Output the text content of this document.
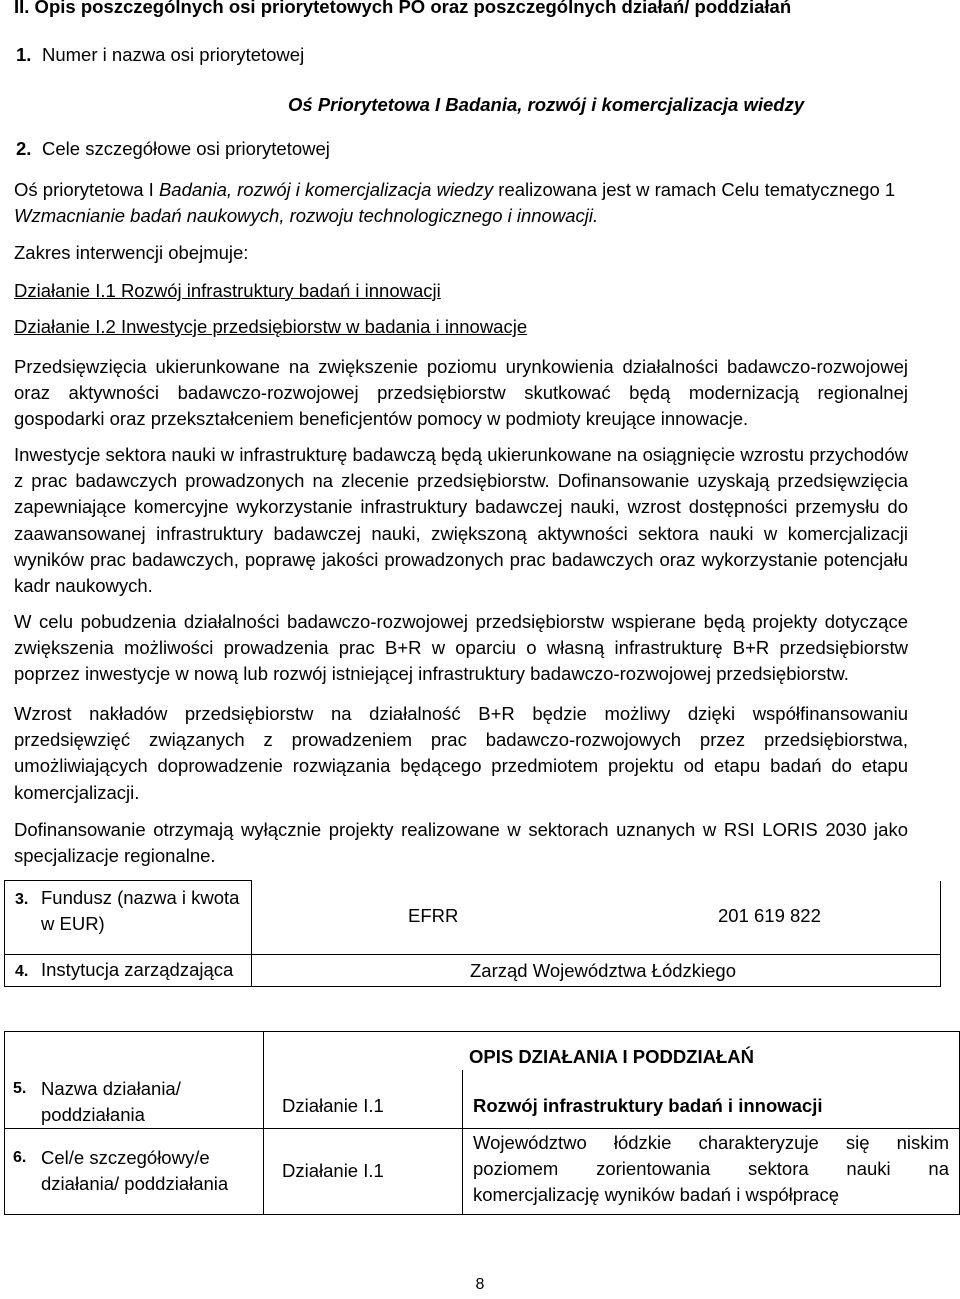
II. Opis poszczególnych osi priorytetowych PO oraz poszczególnych działań/ poddziałań
1. Numer i nazwa osi priorytetowej
Oś Priorytetowa I Badania, rozwój i komercjalizacja wiedzy
2. Cele szczegółowe osi priorytetowej
Oś priorytetowa I Badania, rozwój i komercjalizacja wiedzy realizowana jest w ramach Celu tematycznego 1
Wzmacnianie badań naukowych, rozwoju technologicznego i innowacji.
Zakres interwencji obejmuje:
Działanie I.1 Rozwój infrastruktury badań i innowacji
Działanie I.2 Inwestycje przedsiębiorstw w badania i innowacje
Przedsięwzięcia ukierunkowane na zwiększenie poziomu urynkowienia działalności badawczo-rozwojowej oraz aktywności badawczo-rozwojowej przedsiębiorstw skutkować będą modernizacją regionalnej gospodarki oraz przekształceniem beneficjentów pomocy w podmioty kreujące innowacje.
Inwestycje sektora nauki w infrastrukturę badawczą będą ukierunkowane na osiągnięcie wzrostu przychodów z prac badawczych prowadzonych na zlecenie przedsiębiorstw. Dofinansowanie uzyskają przedsięwzięcia zapewniające komercyjne wykorzystanie infrastruktury badawczej nauki, wzrost dostępności przemysłu do zaawansowanej infrastruktury badawczej nauki, zwiększoną aktywności sektora nauki w komercjalizacji wyników prac badawczych, poprawę jakości prowadzonych prac badawczych oraz wykorzystanie potencjału kadr naukowych.
W celu pobudzenia działalności badawczo-rozwojowej przedsiębiorstw wspierane będą projekty dotyczące zwiększenia możliwości prowadzenia prac B+R w oparciu o własną infrastrukturę B+R przedsiębiorstw poprzez inwestycje w nową lub rozwój istniejącej infrastruktury badawczo-rozwojowej przedsiębiorstw.
Wzrost nakładów przedsiębiorstw na działalność B+R będzie możliwy dzięki współfinansowaniu przedsięwzięć związanych z prowadzeniem prac badawczo-rozwojowych przez przedsiębiorstwa, umożliwiających doprowadzenie rozwiązania będącego przedmiotem projektu od etapu badań do etapu komercjalizacji.
Dofinansowanie otrzymają wyłącznie projekty realizowane w sektorach uznanych w RSI LORIS 2030 jako specjalizacje regionalne.
3. Fundusz (nazwa i kwota w EUR)	EFRR 201 619 822

4. Instytucja zarządzająca	Zarząd Województwa Łódzkiego
	OPIS DZIAŁANIA I PODDZIAŁAŃ	
5. Nazwa działania/ poddziałania	Działanie I.1	Rozwój infrastruktury badań i innowacji
6. Cel/e szczegółowy/e działania/ poddziałania	Działanie I.1	Województwo łódzkie charakteryzuje się niskim poziomem zorientowania sektora nauki na komercjalizację wyników badań i współpracę
8
